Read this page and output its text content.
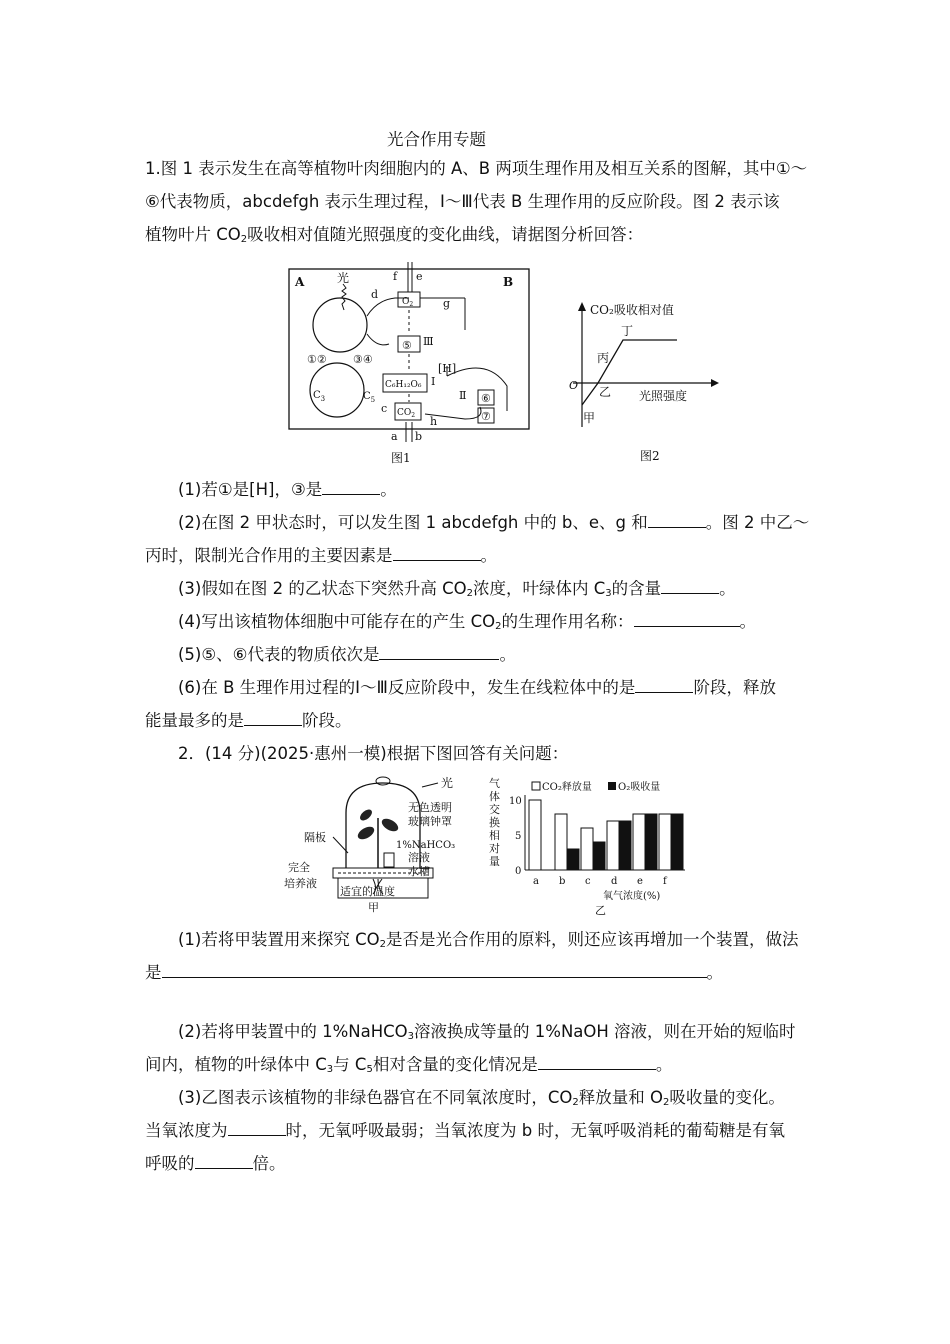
光合作用专题
1.图 1 表示发生在高等植物叶肉细胞内的 A、B 两项生理作用及相互关系的图解，其中①～
⑥代表物质，abcdefgh 表示生理过程，Ⅰ～Ⅲ代表 B 生理作用的反应阶段。图 2 表示该
植物叶片 $CO_2$吸收相对值随光照强度的变化曲线，请据图分析回答：
A	B
光
d
①② ③④
$C_3$	$C_5$
f e
$O_2$	g
⑤ Ⅲ
[H]
C₆H₁₂O₆ Ⅰ
Ⅱ ⑥
⑦
$CO_2$
c
h
a b
图1
CO₂吸收相对值
光照强度
O
甲
乙
丙
丁
图2
(1)若①是[H]，③是	。
(2)在图 2 甲状态时，可以发生图 1 abcdefgh 中的 b、e、g 和	。图 2 中乙～
丙时，限制光合作用的主要因素是	。
(3)假如在图 2 的乙状态下突然升高 $CO_2$浓度，叶绿体内 $C_3$的含量	。
(4)写出该植物体细胞中可能存在的产生 $CO_2$的生理作用名称：	。
(5)⑤、⑥代表的物质依次是	。
(6)在 B 生理作用过程的Ⅰ～Ⅲ反应阶段中，发生在线粒体中的是	阶段，释放
能量最多的是	阶段。
2．(14 分)(2025·惠州一模)根据下图回答有关问题：
光
无色透明
玻璃钟罩
1%NaHCO₃
溶液
水槽
隔板
完全
培养液
适宜的温度
甲
气
体
交
换
相
对
量
CO₂释放量	O₂吸收量
a b c d e f
0
5
10
氧气浓度(%)
乙
(1)若将甲装置用来探究 $CO_2$是否是光合作用的原料，则还应该再增加一个装置，做法
是	。
(2)若将甲装置中的 1%NaHCO$_3$溶液换成等量的 1%NaOH 溶液，则在开始的短临时
间内，植物的叶绿体中 $C_3$与 $C_5$相对含量的变化情况是	。
(3)乙图表示该植物的非绿色器官在不同氧浓度时，$CO_2$释放量和 $O_2$吸收量的变化。
当氧浓度为	时，无氧呼吸最弱；当氧浓度为 b 时，无氧呼吸消耗的葡萄糖是有氧
呼吸的	倍。
